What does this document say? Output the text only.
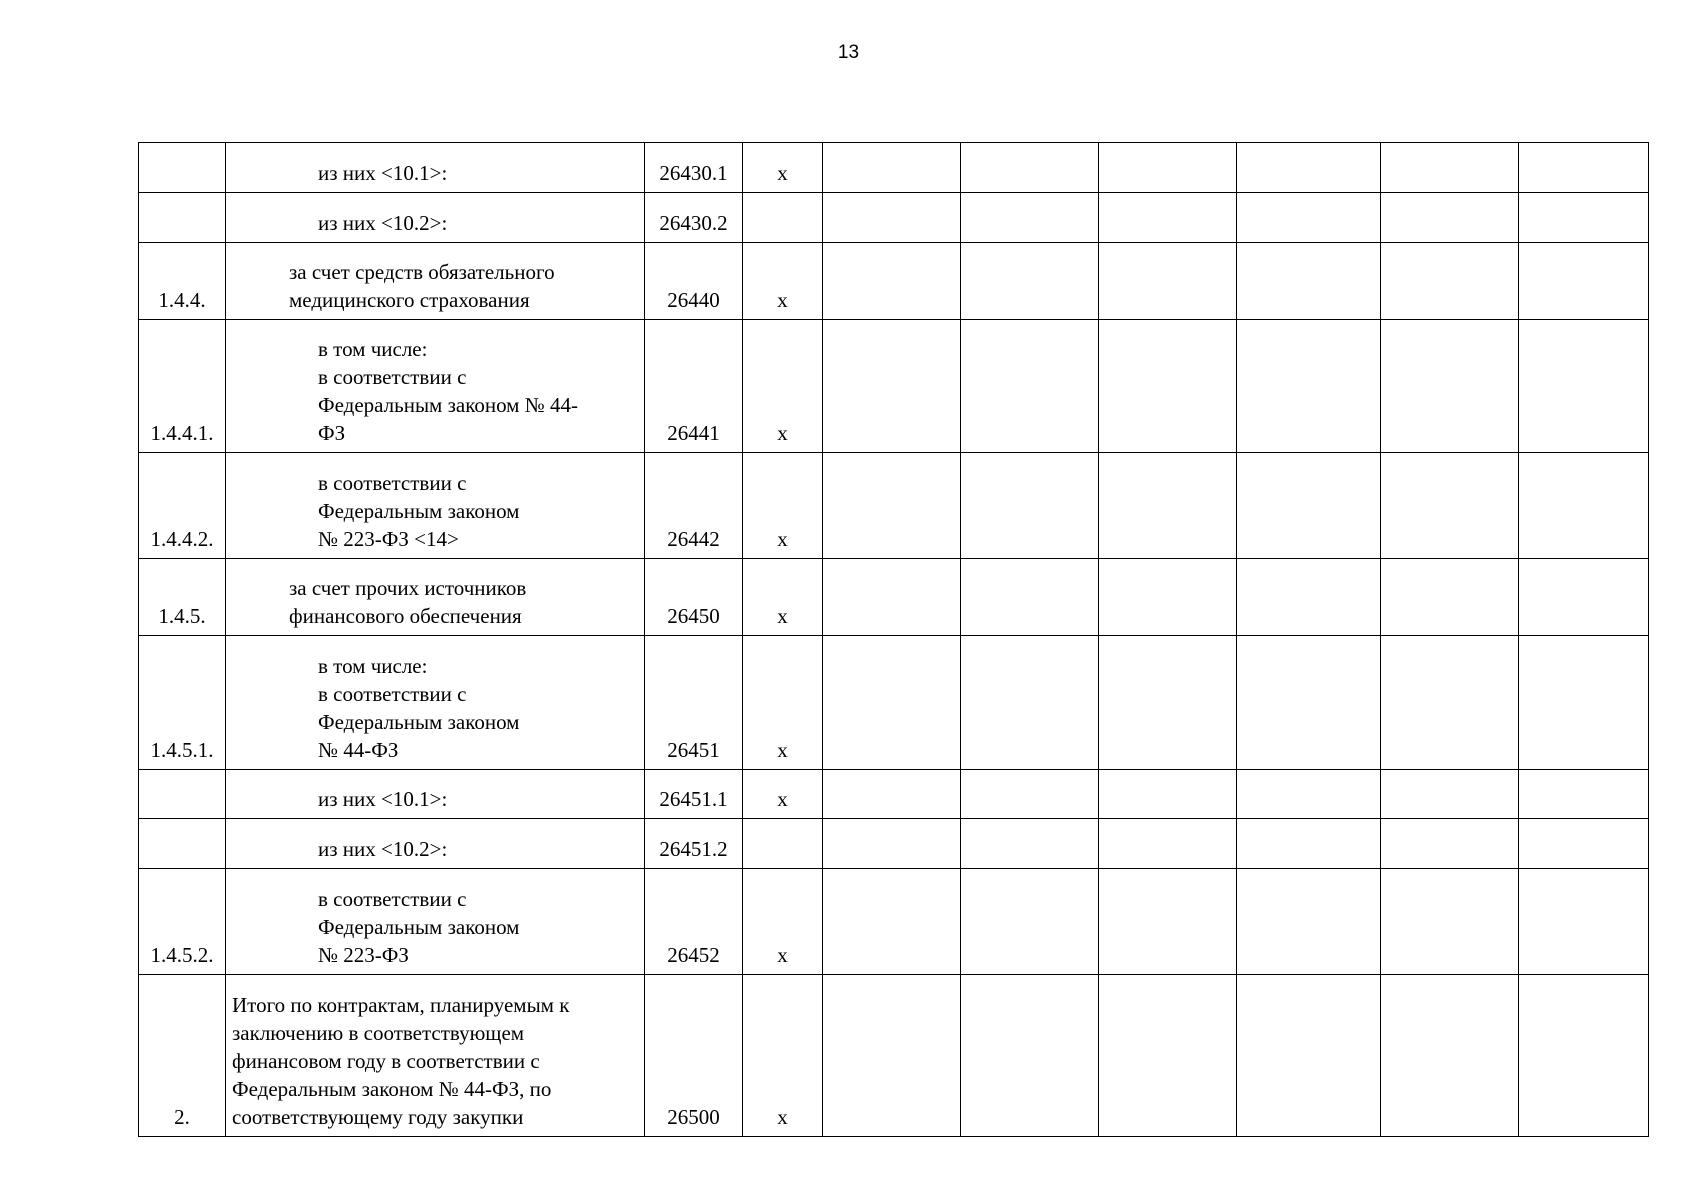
13

	из них <10.1>:	26430.1	x						

	из них <10.2>:	26430.2							
1.4.4.	за счет средств обязательного
медицинского страхования	26440	x						
1.4.4.1.	в том числе:
в соответствии с
Федеральным законом № 44-
ФЗ	26441	x						
1.4.4.2.	в соответствии с
Федеральным законом
№ 223-ФЗ <14>	26442	x						
1.4.5.	за счет прочих источников
финансового обеспечения	26450	x						
1.4.5.1.	в том числе:
в соответствии с
Федеральным законом
№ 44-ФЗ	26451	x						

	из них <10.1>:	26451.1	x						

	из них <10.2>:	26451.2							
1.4.5.2.	в соответствии с
Федеральным законом
№ 223-ФЗ	26452	x						
2.	Итого по контрактам, планируемым к
заключению в соответствующем
финансовом году в соответствии с
Федеральным законом № 44-ФЗ, по
соответствующему году закупки	26500	x						
